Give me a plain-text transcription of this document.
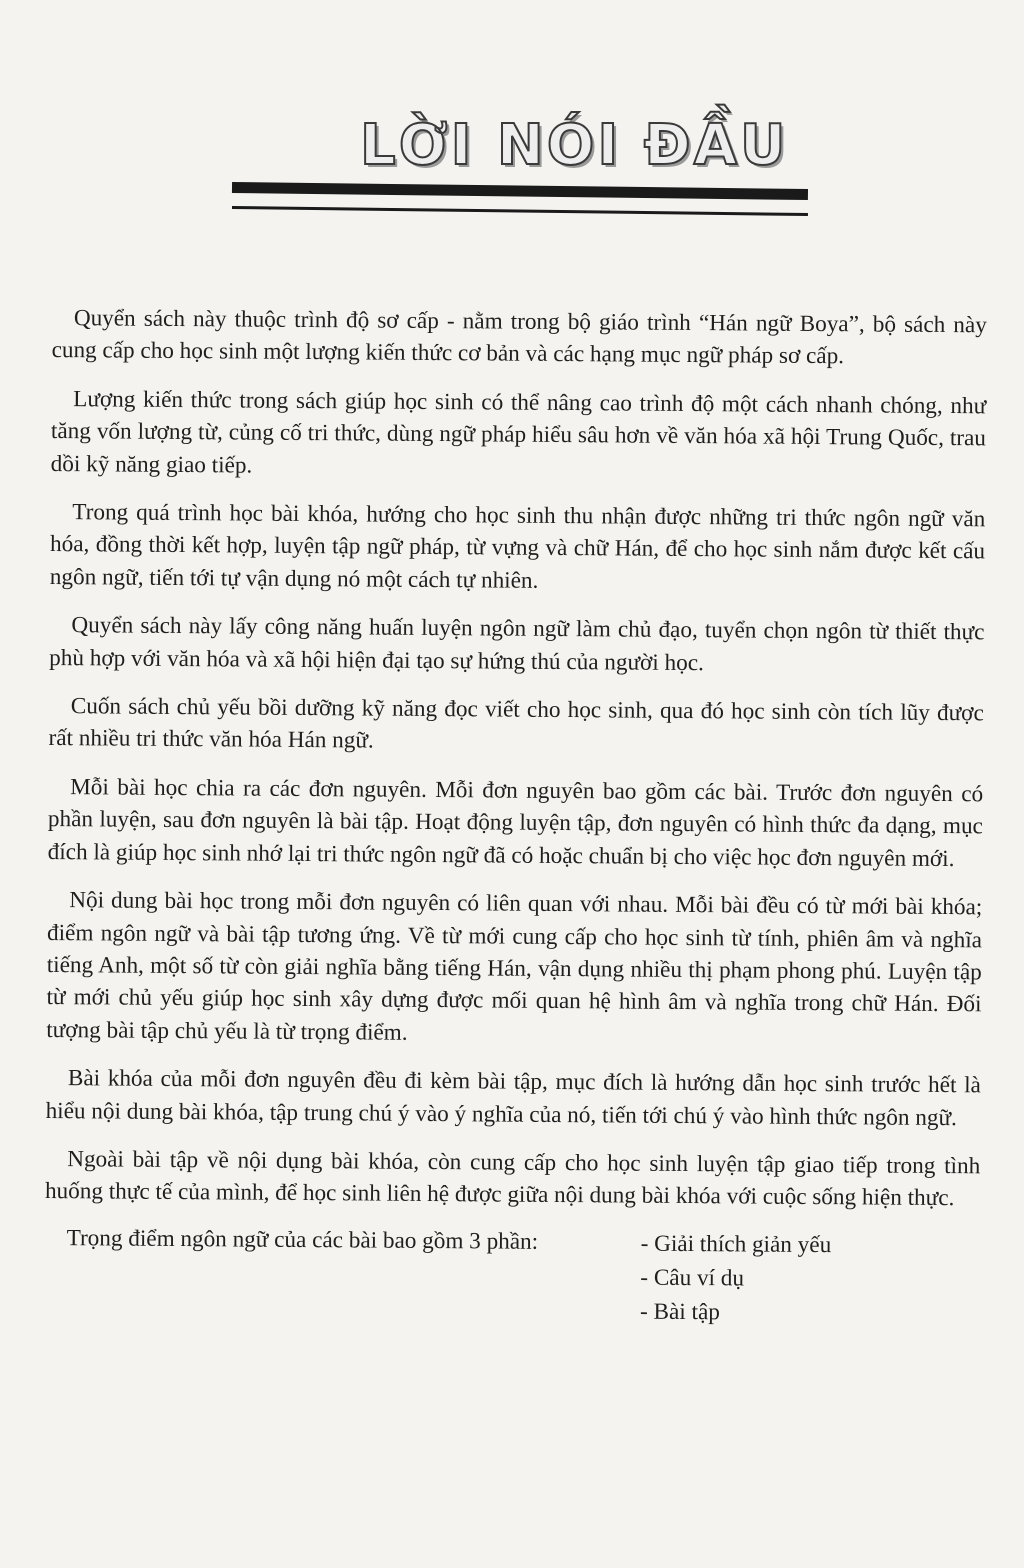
LỜI NÓI ĐẦU

Quyển sách này thuộc trình độ sơ cấp - nằm trong bộ giáo trình “Hán ngữ Boya”, bộ sách này cung cấp cho học sinh một lượng kiến thức cơ bản và các hạng mục ngữ pháp sơ cấp.

Lượng kiến thức trong sách giúp học sinh có thể nâng cao trình độ một cách nhanh chóng, như tăng vốn lượng từ, củng cố tri thức, dùng ngữ pháp hiểu sâu hơn về văn hóa xã hội Trung Quốc, trau dồi kỹ năng giao tiếp.

Trong quá trình học bài khóa, hướng cho học sinh thu nhận được những tri thức ngôn ngữ văn hóa, đồng thời kết hợp, luyện tập ngữ pháp, từ vựng và chữ Hán, để cho học sinh nắm được kết cấu ngôn ngữ, tiến tới tự vận dụng nó một cách tự nhiên.

Quyển sách này lấy công năng huấn luyện ngôn ngữ làm chủ đạo, tuyển chọn ngôn từ thiết thực phù hợp với văn hóa và xã hội hiện đại tạo sự hứng thú của người học.

Cuốn sách chủ yếu bồi dưỡng kỹ năng đọc viết cho học sinh, qua đó học sinh còn tích lũy được rất nhiều tri thức văn hóa Hán ngữ.

Mỗi bài học chia ra các đơn nguyên. Mỗi đơn nguyên bao gồm các bài. Trước đơn nguyên có phần luyện, sau đơn nguyên là bài tập. Hoạt động luyện tập, đơn nguyên có hình thức đa dạng, mục đích là giúp học sinh nhớ lại tri thức ngôn ngữ đã có hoặc chuẩn bị cho việc học đơn nguyên mới.

Nội dung bài học trong mỗi đơn nguyên có liên quan với nhau. Mỗi bài đều có từ mới bài khóa; điểm ngôn ngữ và bài tập tương ứng. Về từ mới cung cấp cho học sinh từ tính, phiên âm và nghĩa tiếng Anh, một số từ còn giải nghĩa bằng tiếng Hán, vận dụng nhiều thị phạm phong phú. Luyện tập từ mới chủ yếu giúp học sinh xây dựng được mối quan hệ hình âm và nghĩa trong chữ Hán. Đối tượng bài tập chủ yếu là từ trọng điểm.

Bài khóa của mỗi đơn nguyên đều đi kèm bài tập, mục đích là hướng dẫn học sinh trước hết là hiểu nội dung bài khóa, tập trung chú ý vào ý nghĩa của nó, tiến tới chú ý vào hình thức ngôn ngữ.

Ngoài bài tập về nội dụng bài khóa, còn cung cấp cho học sinh luyện tập giao tiếp trong tình huống thực tế của mình, để học sinh liên hệ được giữa nội dung bài khóa với cuộc sống hiện thực.

Trọng điểm ngôn ngữ của các bài bao gồm 3 phần:	- Giải thích giản yếu
- Câu ví dụ
- Bài tập
